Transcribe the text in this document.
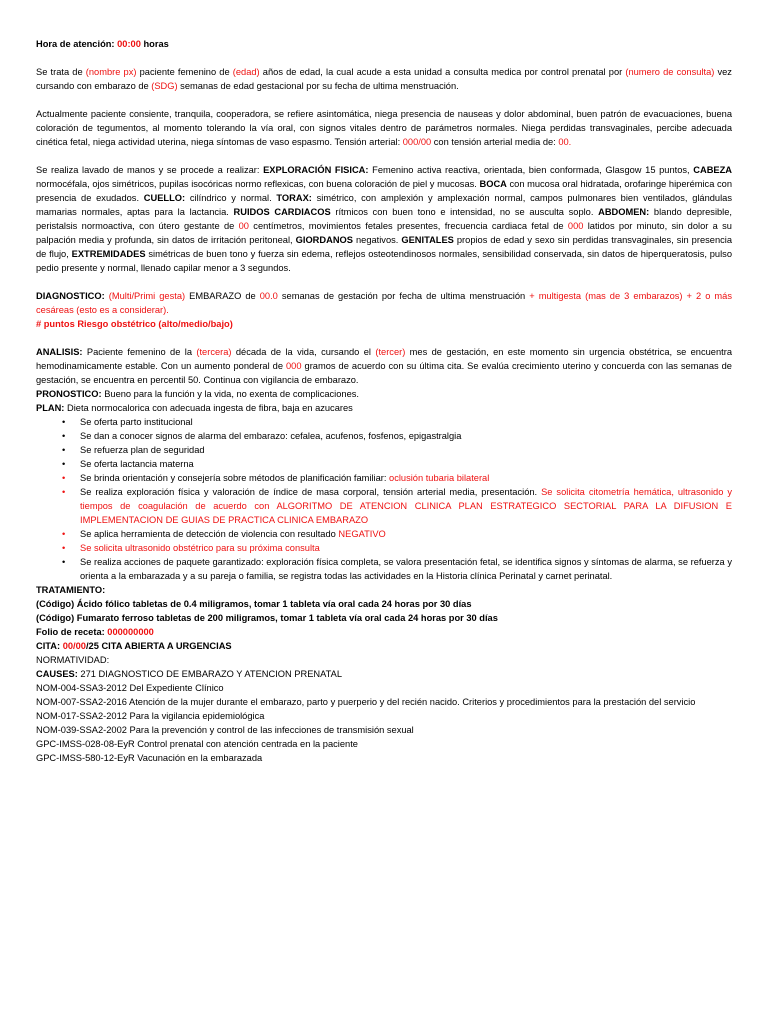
Hora de atención: 00:00 horas

Se trata de (nombre px) paciente femenino de (edad) años de edad, la cual acude a esta unidad a consulta medica por control prenatal por (numero de consulta) vez cursando con embarazo de (SDG) semanas de edad gestacional por su fecha de ultima menstruación.

Actualmente paciente consiente, tranquila, cooperadora, se refiere asintomática, niega presencia de nauseas y dolor abdominal, buen patrón de evacuaciones, buena coloración de tegumentos, al momento tolerando la vía oral, con signos vitales dentro de parámetros normales. Niega perdidas transvaginales, percibe adecuada cinética fetal, niega actividad uterina, niega síntomas de vaso espasmo. Tensión arterial: 000/00 con tensión arterial media de: 00.

Se realiza lavado de manos y se procede a realizar: EXPLORACIÓN FISICA: Femenino activa reactiva, orientada, bien conformada, Glasgow 15 puntos, CABEZA normocéfala, ojos simétricos, pupilas isocóricas normo reflexicas, con buena coloración de piel y mucosas. BOCA con mucosa oral hidratada, orofaringe hiperémica con presencia de exudados. CUELLO: cilíndrico y normal. TORAX: simétrico, con amplexión y amplexación normal, campos pulmonares bien ventilados, glándulas mamarias normales, aptas para la lactancia. RUIDOS CARDIACOS rítmicos con buen tono e intensidad, no se ausculta soplo. ABDOMEN: blando depresible, peristalsis normoactiva, con útero gestante de 00 centímetros, movimientos fetales presentes, frecuencia cardiaca fetal de 000 latidos por minuto, sin dolor a su palpación media y profunda, sin datos de irritación peritoneal, GIORDANOS negativos. GENITALES propios de edad y sexo sin perdidas transvaginales, sin presencia de flujo, EXTREMIDADES simétricas de buen tono y fuerza sin edema, reflejos osteotendinosos normales, sensibilidad conservada, sin datos de hiperqueratosis, pulso pedio presente y normal, llenado capilar menor a 3 segundos.

DIAGNOSTICO: (Multi/Primi gesta) EMBARAZO de 00.0 semanas de gestación por fecha de ultima menstruación + multigesta (mas de 3 embarazos) + 2 o más cesáreas (esto es a considerar).

# puntos Riesgo obstétrico (alto/medio/bajo)

ANALISIS: Paciente femenino de la (tercera) década de la vida, cursando el (tercer) mes de gestación, en este momento sin urgencia obstétrica, se encuentra hemodinamicamente estable. Con un aumento ponderal de 000 gramos de acuerdo con su última cita. Se evalúa crecimiento uterino y concuerda con las semanas de gestación, se encuentra en percentil 50. Continua con vigilancia de embarazo.

PRONOSTICO: Bueno para la función y la vida, no exenta de complicaciones.

PLAN: Dieta normocalorica con adecuada ingesta de fibra, baja en azucares

• Se oferta parto institucional
• Se dan a conocer signos de alarma del embarazo: cefalea, acufenos, fosfenos, epigastralgia
• Se refuerza plan de seguridad
• Se oferta lactancia materna
• Se brinda orientación y consejería sobre métodos de planificación familiar: oclusión tubaria bilateral
• Se realiza exploración física y valoración de índice de masa corporal, tensión arterial media, presentación. Se solicita citometría hemática, ultrasonido y tiempos de coagulación de acuerdo con ALGORITMO DE ATENCION CLINICA PLAN ESTRATEGICO SECTORIAL PARA LA DIFUSION E IMPLEMENTACION DE GUIAS DE PRACTICA CLINICA EMBARAZO
• Se aplica herramienta de detección de violencia con resultado NEGATIVO
• Se solicita ultrasonido obstétrico para su próxima consulta
• Se realiza acciones de paquete garantizado: exploración física completa, se valora presentación fetal, se identifica signos y síntomas de alarma, se refuerza y orienta a la embarazada y a su pareja o familia, se registra todas las actividades en la Historia clínica Perinatal y carnet perinatal.

TRATAMIENTO:

(Código) Ácido fólico tabletas de 0.4 miligramos, tomar 1 tableta vía oral cada 24 horas por 30 días

(Código) Fumarato ferroso tabletas de 200 miligramos, tomar 1 tableta vía oral cada 24 horas por 30 días

Folio de receta: 000000000

CITA: 00/00/25 CITA ABIERTA A URGENCIAS

NORMATIVIDAD:

CAUSES: 271 DIAGNOSTICO DE EMBARAZO Y ATENCION PRENATAL

NOM-004-SSA3-2012 Del Expediente Clínico

NOM-007-SSA2-2016 Atención de la mujer durante el embarazo, parto y puerperio y del recién nacido. Criterios y procedimientos para la prestación del servicio

NOM-017-SSA2-2012 Para la vigilancia epidemiológica

NOM-039-SSA2-2002 Para la prevención y control de las infecciones de transmisión sexual

GPC-IMSS-028-08-EyR Control prenatal con atención centrada en la paciente

GPC-IMSS-580-12-EyR Vacunación en la embarazada
